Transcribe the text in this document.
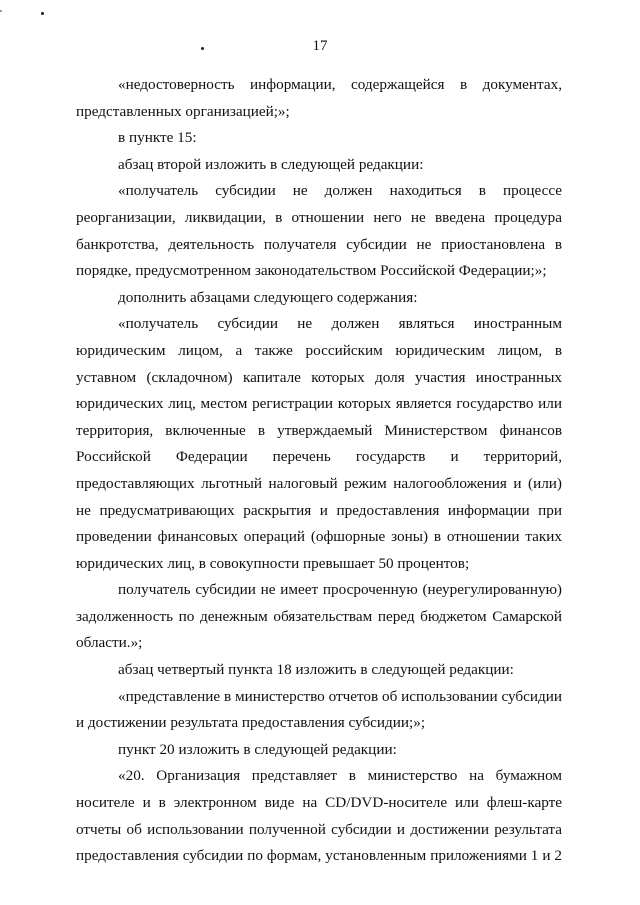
17

«недостоверность информации, содержащейся в документах, представленных организацией;»;

в пункте 15:

абзац второй изложить в следующей редакции:

«получатель субсидии не должен находиться в процессе реорганизации, ликвидации, в отношении него не введена процедура банкротства, деятельность получателя субсидии не приостановлена в порядке, предусмотренном законодательством Российской Федерации;»;

дополнить абзацами следующего содержания:

«получатель субсидии не должен являться иностранным юридическим лицом, а также российским юридическим лицом, в уставном (складочном) капитале которых доля участия иностранных юридических лиц, местом регистрации которых является государство или территория, включенные в утверждаемый Министерством финансов Российской Федерации перечень государств и территорий, предоставляющих льготный налоговый режим налогообложения и (или) не предусматривающих раскрытия и предоставления информации при проведении финансовых операций (офшорные зоны) в отношении таких юридических лиц, в совокупности превышает 50 процентов;

получатель субсидии не имеет просроченную (неурегулированную) задолженность по денежным обязательствам перед бюджетом Самарской области.»;

абзац четвертый пункта 18 изложить в следующей редакции:

«представление в министерство отчетов об использовании субсидии и достижении результата предоставления субсидии;»;

пункт 20 изложить в следующей редакции:

«20. Организация представляет в министерство на бумажном носителе и в электронном виде на CD/DVD-носителе или флеш-карте отчеты об использовании полученной субсидии и достижении результата предоставления субсидии по формам, установленным приложениями 1 и 2
